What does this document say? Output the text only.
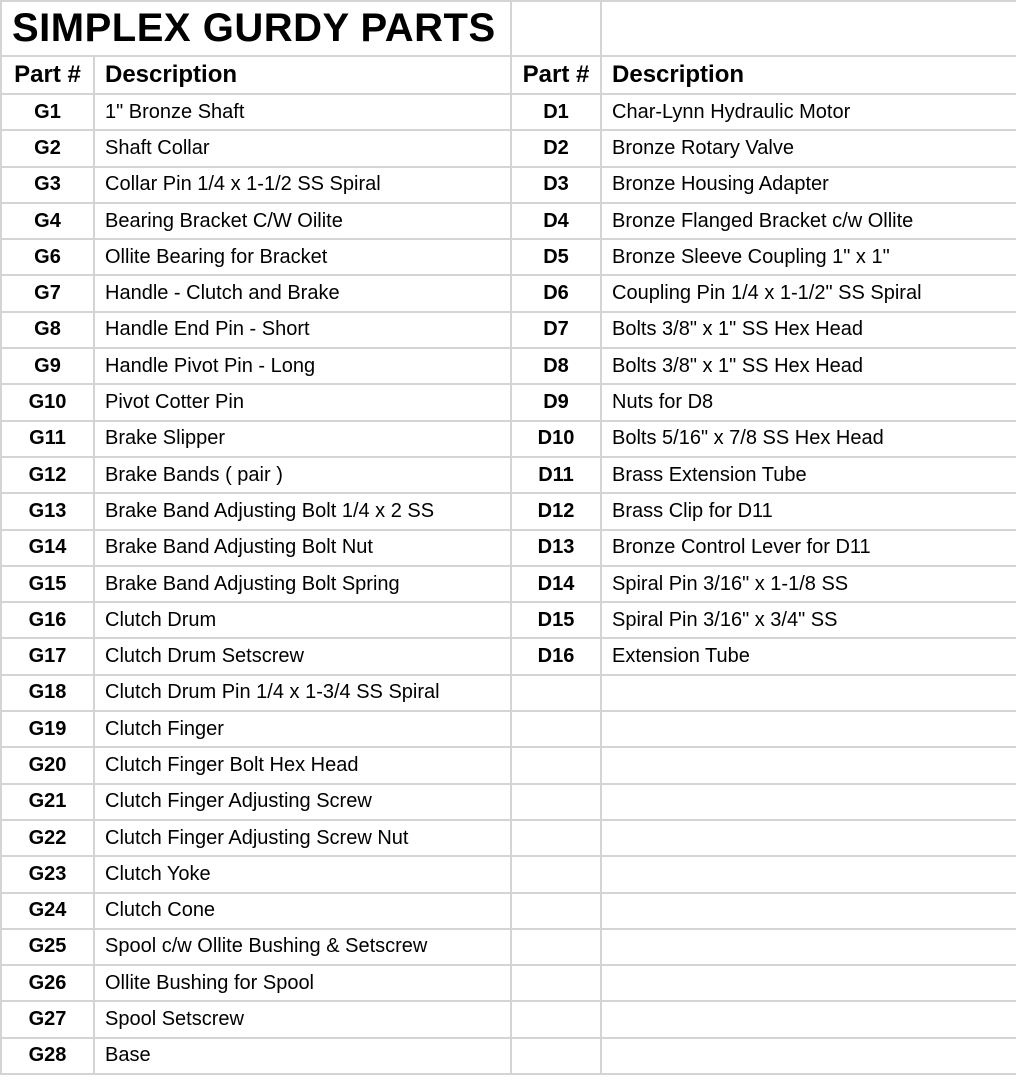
SIMPLEX GURDY PARTS			
Part #	Description	Part #	Description
G1	1" Bronze Shaft	D1	Char-Lynn Hydraulic Motor
G2	Shaft Collar	D2	Bronze Rotary Valve
G3	Collar Pin 1/4 x 1-1/2 SS Spiral	D3	Bronze Housing Adapter
G4	Bearing Bracket C/W Oilite	D4	Bronze Flanged Bracket c/w Ollite
G6	Ollite Bearing for Bracket	D5	Bronze Sleeve Coupling 1" x 1"
G7	Handle - Clutch and Brake	D6	Coupling Pin 1/4 x 1-1/2" SS Spiral
G8	Handle End Pin - Short	D7	Bolts 3/8" x 1" SS Hex Head
G9	Handle Pivot Pin - Long	D8	Bolts 3/8" x 1" SS Hex Head
G10	Pivot Cotter Pin	D9	Nuts for D8
G11	Brake Slipper	D10	Bolts 5/16" x 7/8 SS Hex Head
G12	Brake Bands ( pair )	D11	Brass Extension Tube
G13	Brake Band Adjusting Bolt 1/4 x 2 SS	D12	Brass Clip for D11
G14	Brake Band Adjusting Bolt Nut	D13	Bronze Control Lever for D11
G15	Brake Band Adjusting Bolt Spring	D14	Spiral Pin 3/16" x 1-1/8 SS
G16	Clutch Drum	D15	Spiral Pin 3/16" x 3/4" SS
G17	Clutch Drum Setscrew	D16	Extension Tube
G18	Clutch Drum Pin 1/4 x 1-3/4 SS Spiral		
G19	Clutch Finger		
G20	Clutch Finger Bolt Hex Head		
G21	Clutch Finger Adjusting Screw		
G22	Clutch Finger Adjusting Screw Nut		
G23	Clutch Yoke		
G24	Clutch Cone		
G25	Spool c/w Ollite Bushing & Setscrew		
G26	Ollite Bushing for Spool		
G27	Spool Setscrew		
G28	Base		
